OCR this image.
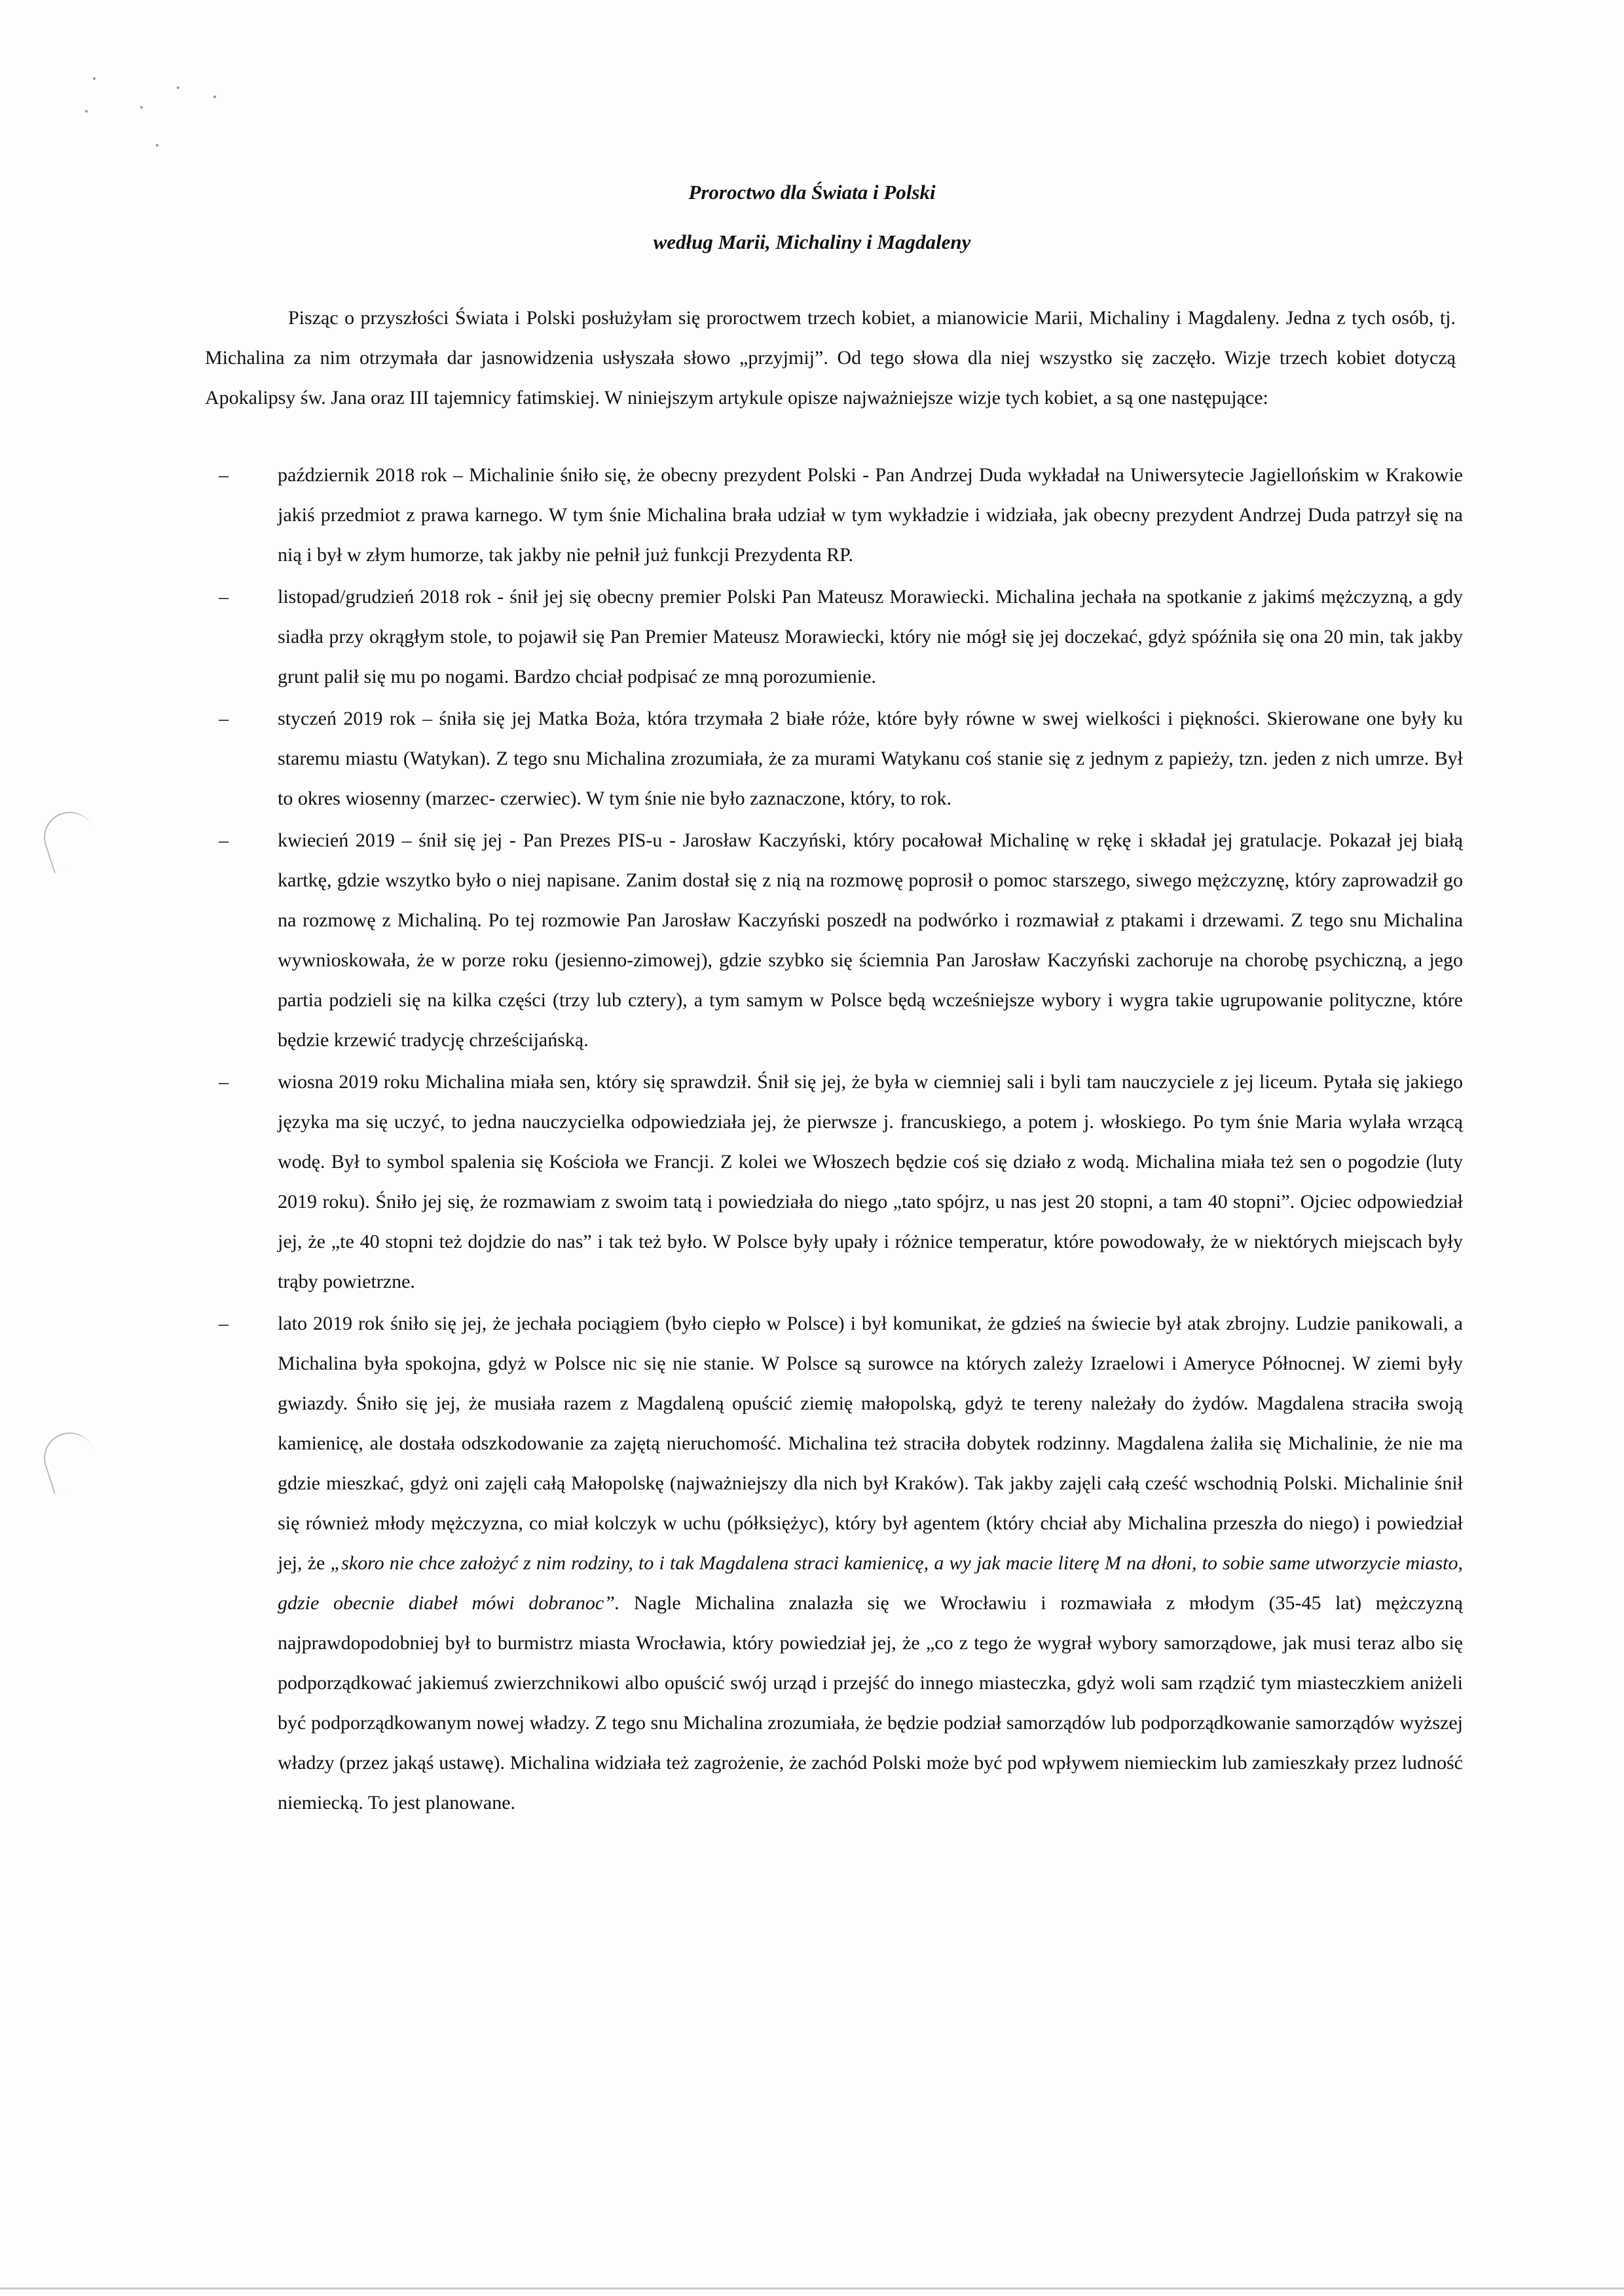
Proroctwo dla Świata i Polski
według Marii, Michaliny i Magdaleny

Pisząc o przyszłości Świata i Polski posłużyłam się proroctwem trzech kobiet, a mianowicie Marii, Michaliny i Magdaleny. Jedna z tych osób, tj. Michalina za nim otrzymała dar jasnowidzenia usłyszała słowo „przyjmij”. Od tego słowa dla niej wszystko się zaczęło. Wizje trzech kobiet dotyczą Apokalipsy św. Jana oraz III tajemnicy fatimskiej. W niniejszym artykule opisze najważniejsze wizje tych kobiet, a są one następujące:

–	październik 2018 rok – Michalinie śniło się, że obecny prezydent Polski - Pan Andrzej Duda wykładał na Uniwersytecie Jagiellońskim w Krakowie jakiś przedmiot z prawa karnego. W tym śnie Michalina brała udział w tym wykładzie i widziała, jak obecny prezydent Andrzej Duda patrzył się na nią i był w złym humorze, tak jakby nie pełnił już funkcji Prezydenta RP.
–	listopad/grudzień 2018 rok - śnił jej się obecny premier Polski Pan Mateusz Morawiecki. Michalina jechała na spotkanie z jakimś mężczyzną, a gdy siadła przy okrągłym stole, to pojawił się Pan Premier Mateusz Morawiecki, który nie mógł się jej doczekać, gdyż spóźniła się ona 20 min, tak jakby grunt palił się mu po nogami. Bardzo chciał podpisać ze mną porozumienie.
–	styczeń 2019 rok – śniła się jej Matka Boża, która trzymała 2 białe róże, które były równe w swej wielkości i piękności. Skierowane one były ku staremu miastu (Watykan). Z tego snu Michalina zrozumiała, że za murami Watykanu coś stanie się z jednym z papieży, tzn. jeden z nich umrze. Był to okres wiosenny (marzec- czerwiec). W tym śnie nie było zaznaczone, który, to rok.
–	kwiecień 2019 – śnił się jej - Pan Prezes PIS-u - Jarosław Kaczyński, który pocałował Michalinę w rękę i składał jej gratulacje. Pokazał jej białą kartkę, gdzie wszytko było o niej napisane. Zanim dostał się z nią na rozmowę poprosił o pomoc starszego, siwego mężczyznę, który zaprowadził go na rozmowę z Michaliną. Po tej rozmowie Pan Jarosław Kaczyński poszedł na podwórko i rozmawiał z ptakami i drzewami. Z tego snu Michalina wywnioskowała, że w porze roku (jesienno-zimowej), gdzie szybko się ściemnia Pan Jarosław Kaczyński zachoruje na chorobę psychiczną, a jego partia podzieli się na kilka części (trzy lub cztery), a tym samym w Polsce będą wcześniejsze wybory i wygra takie ugrupowanie polityczne, które będzie krzewić tradycję chrześcijańską.
–	wiosna 2019 roku Michalina miała sen, który się sprawdził. Śnił się jej, że była w ciemniej sali i byli tam nauczyciele z jej liceum. Pytała się jakiego języka ma się uczyć, to jedna nauczycielka odpowiedziała jej, że pierwsze j. francuskiego, a potem j. włoskiego. Po tym śnie Maria wylała wrzącą wodę. Był to symbol spalenia się Kościoła we Francji. Z kolei we Włoszech będzie coś się działo z wodą. Michalina miała też sen o pogodzie (luty 2019 roku). Śniło jej się, że rozmawiam z swoim tatą i powiedziała do niego „tato spójrz, u nas jest 20 stopni, a tam 40 stopni”. Ojciec odpowiedział jej, że „te 40 stopni też dojdzie do nas” i tak też było. W Polsce były upały i różnice temperatur, które powodowały, że w niektórych miejscach były trąby powietrzne.
–	lato 2019 rok śniło się jej, że jechała pociągiem (było ciepło w Polsce) i był komunikat, że gdzieś na świecie był atak zbrojny. Ludzie panikowali, a Michalina była spokojna, gdyż w Polsce nic się nie stanie. W Polsce są surowce na których zależy Izraelowi i Ameryce Północnej. W ziemi były gwiazdy. Śniło się jej, że musiała razem z Magdaleną opuścić ziemię małopolską, gdyż te tereny należały do żydów. Magdalena straciła swoją kamienicę, ale dostała odszkodowanie za zajętą nieruchomość. Michalina też straciła dobytek rodzinny. Magdalena żaliła się Michalinie, że nie ma gdzie mieszkać, gdyż oni zajęli całą Małopolskę (najważniejszy dla nich był Kraków). Tak jakby zajęli całą cześć wschodnią Polski. Michalinie śnił się również młody mężczyzna, co miał kolczyk w uchu (półksiężyc), który był agentem (który chciał aby Michalina przeszła do niego) i powiedział jej, że „skoro nie chce założyć z nim rodziny, to i tak Magdalena straci kamienicę, a wy jak macie literę M na dłoni, to sobie same utworzycie miasto, gdzie obecnie diabeł mówi dobranoc”. Nagle Michalina znalazła się we Wrocławiu i rozmawiała z młodym (35-45 lat) mężczyzną najprawdopodobniej był to burmistrz miasta Wrocławia, który powiedział jej, że „co z tego że wygrał wybory samorządowe, jak musi teraz albo się podporządkować jakiemuś zwierzchnikowi albo opuścić swój urząd i przejść do innego miasteczka, gdyż woli sam rządzić tym miasteczkiem aniżeli być podporządkowanym nowej władzy. Z tego snu Michalina zrozumiała, że będzie podział samorządów lub podporządkowanie samorządów wyższej władzy (przez jakąś ustawę). Michalina widziała też zagrożenie, że zachód Polski może być pod wpływem niemieckim lub zamieszkały przez ludność niemiecką. To jest planowane.
